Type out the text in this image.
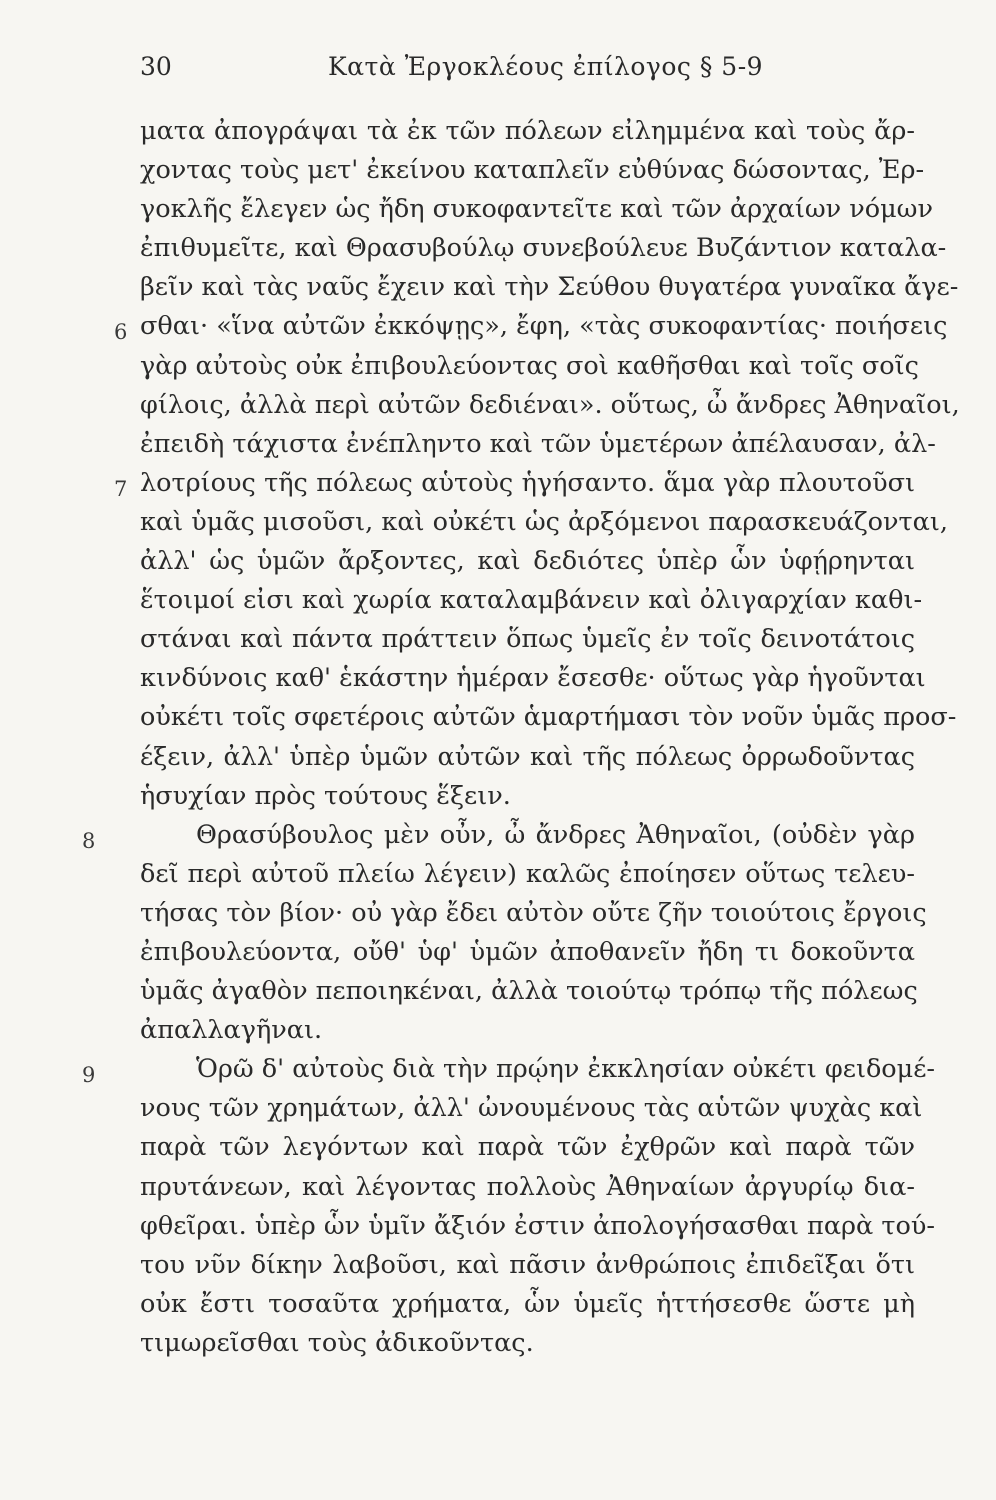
30	Κατὰ Ἐργοκλέους ἐπίλογος § 5-9
ματα ἀπογράψαι τὰ ἐκ τῶν πόλεων εἰλημμένα καὶ τοὺς ἄρ-
χοντας τοὺς μετ' ἐκείνου καταπλεῖν εὐθύνας δώσοντας, Ἐρ-
γοκλῆς ἔλεγεν ὡς ἤδη συκοφαντεῖτε καὶ τῶν ἀρχαίων νόμων
ἐπιθυμεῖτε, καὶ Θρασυβούλῳ συνεβούλευε Βυζάντιον καταλα-
βεῖν καὶ τὰς ναῦς ἔχειν καὶ τὴν Σεύθου θυγατέρα γυναῖκα ἄγε-
6 σθαι· «ἵνα αὐτῶν ἐκκόψῃς», ἔφη, «τὰς συκοφαντίας· ποιήσεις
γὰρ αὐτοὺς οὐκ ἐπιβουλεύοντας σοὶ καθῆσθαι καὶ τοῖς σοῖς
φίλοις, ἀλλὰ περὶ αὐτῶν δεδιέναι». οὕτως, ὦ ἄνδρες Ἀθηναῖοι,
ἐπειδὴ τάχιστα ἐνέπληντο καὶ τῶν ὑμετέρων ἀπέλαυσαν, ἀλ-
7 λοτρίους τῆς πόλεως αὑτοὺς ἡγήσαντο. ἅμα γὰρ πλουτοῦσι
καὶ ὑμᾶς μισοῦσι, καὶ οὐκέτι ὡς ἀρξόμενοι παρασκευάζονται,
ἀλλ' ὡς ὑμῶν ἄρξοντες, καὶ δεδιότες ὑπὲρ ὧν ὑφῄρηνται
ἕτοιμοί εἰσι καὶ χωρία καταλαμβάνειν καὶ ὀλιγαρχίαν καθι-
στάναι καὶ πάντα πράττειν ὅπως ὑμεῖς ἐν τοῖς δεινοτάτοις
κινδύνοις καθ' ἑκάστην ἡμέραν ἔσεσθε· οὕτως γὰρ ἡγοῦνται
οὐκέτι τοῖς σφετέροις αὐτῶν ἁμαρτήμασι τὸν νοῦν ὑμᾶς προσ-
έξειν, ἀλλ' ὑπὲρ ὑμῶν αὐτῶν καὶ τῆς πόλεως ὀρρωδοῦντας
ἡσυχίαν πρὸς τούτους ἕξειν.
8	Θρασύβουλος μὲν οὖν, ὦ ἄνδρες Ἀθηναῖοι, (οὐδὲν γὰρ
δεῖ περὶ αὐτοῦ πλείω λέγειν) καλῶς ἐποίησεν οὕτως τελευ-
τήσας τὸν βίον· οὐ γὰρ ἔδει αὐτὸν οὔτε ζῆν τοιούτοις ἔργοις
ἐπιβουλεύοντα, οὔθ' ὑφ' ὑμῶν ἀποθανεῖν ἤδη τι δοκοῦντα
ὑμᾶς ἀγαθὸν πεποιηκέναι, ἀλλὰ τοιούτῳ τρόπῳ τῆς πόλεως
ἀπαλλαγῆναι.
9	Ὁρῶ δ' αὐτοὺς διὰ τὴν πρῴην ἐκκλησίαν οὐκέτι φειδομέ-
νους τῶν χρημάτων, ἀλλ' ὠνουμένους τὰς αὑτῶν ψυχὰς καὶ
παρὰ τῶν λεγόντων καὶ παρὰ τῶν ἐχθρῶν καὶ παρὰ τῶν
πρυτάνεων, καὶ λέγοντας πολλοὺς Ἀθηναίων ἀργυρίῳ δια-
φθεῖραι. ὑπὲρ ὧν ὑμῖν ἄξιόν ἐστιν ἀπολογήσασθαι παρὰ τού-
του νῦν δίκην λαβοῦσι, καὶ πᾶσιν ἀνθρώποις ἐπιδεῖξαι ὅτι
οὐκ ἔστι τοσαῦτα χρήματα, ὧν ὑμεῖς ἡττήσεσθε ὥστε μὴ
τιμωρεῖσθαι τοὺς ἀδικοῦντας.
